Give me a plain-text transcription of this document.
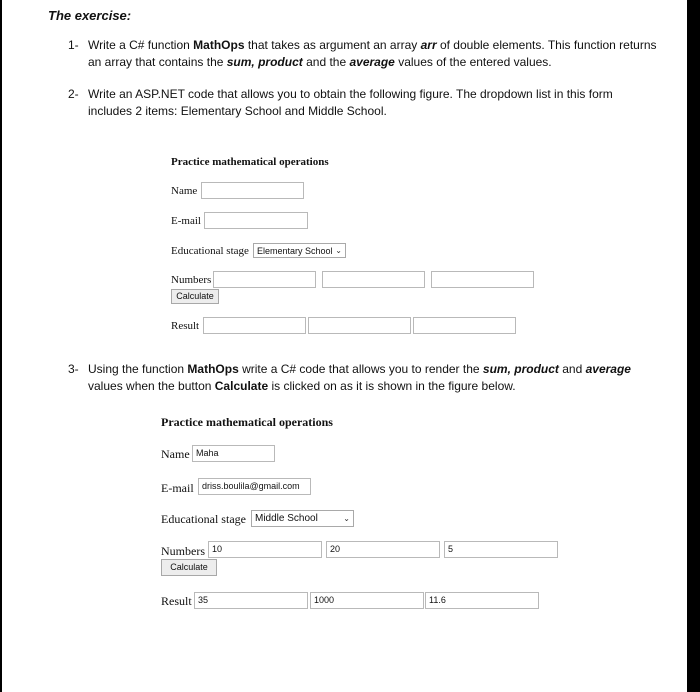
The exercise:
1- Write a C# function MathOps that takes as argument an array arr of double elements. This function returns an array that contains the sum, product and the average values of the entered values.
2- Write an ASP.NET code that allows you to obtain the following figure. The dropdown list in this form includes 2 items: Elementary School and Middle School.
Practice mathematical operations
Name
E-mail
Educational stage Elementary School ⌄
Numbers
Calculate
Result
3- Using the function MathOps write a C# code that allows you to render the sum, product and average values when the button Calculate is clicked on as it is shown in the figure below.
Practice mathematical operations
Name Maha
E-mail driss.boulila@gmail.com
Educational stage Middle School	⌄
Numbers 10	20	5
Calculate
Result 35	1000	11.6
